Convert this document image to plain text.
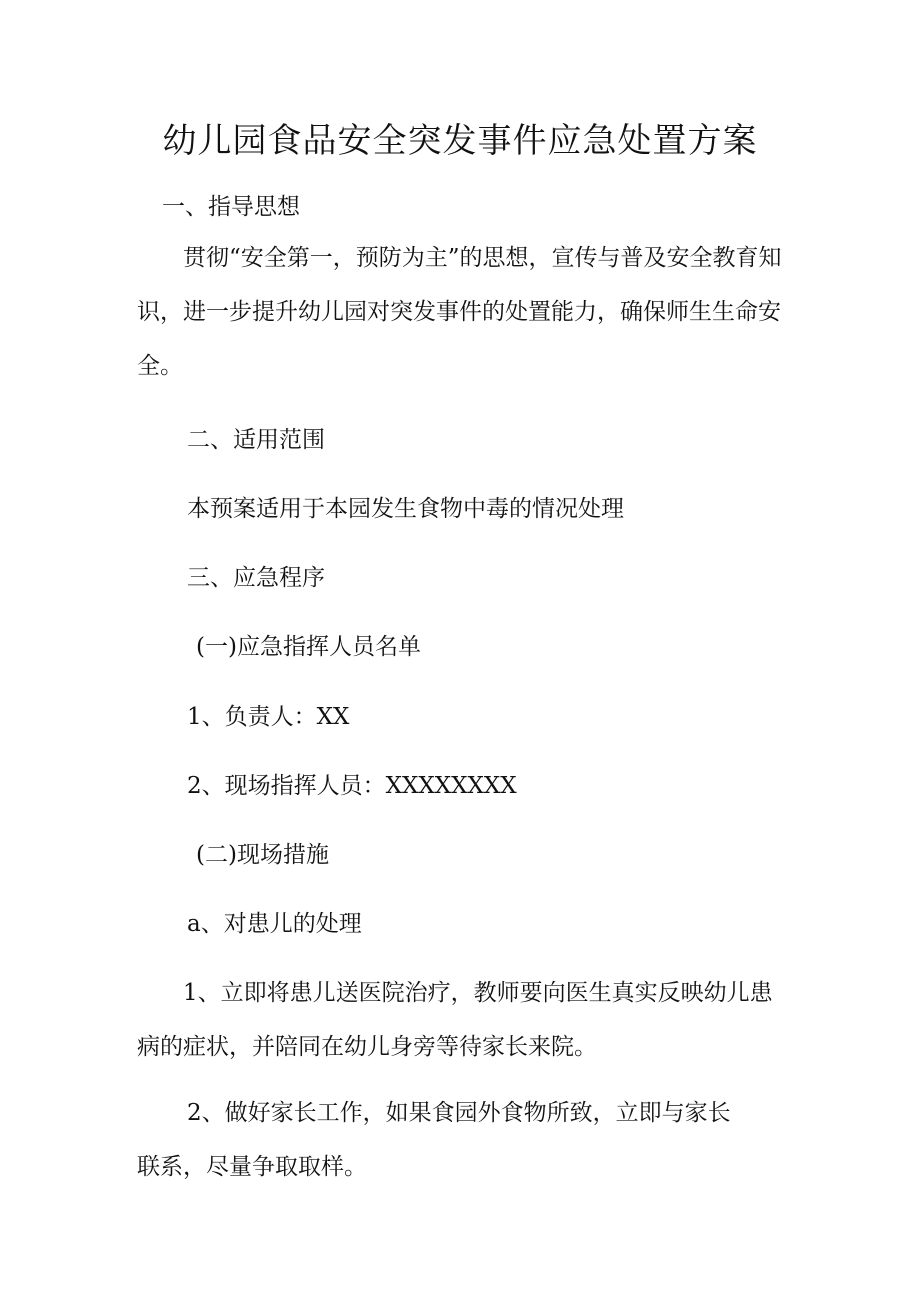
幼儿园食品安全突发事件应急处置方案
一、指导思想
贯彻“安全第一，预防为主”的思想，宣传与普及安全教育知识，进一步提升幼儿园对突发事件的处置能力，确保师生生命安全。
二、适用范围
本预案适用于本园发生食物中毒的情况处理
三、应急程序
(一)应急指挥人员名单
1、负责人：XX
2、现场指挥人员：XXXXXXXX
(二)现场措施
a、对患儿的处理
1、立即将患儿送医院治疗，教师要向医生真实反映幼儿患病的症状，并陪同在幼儿身旁等待家长来院。
2、做好家长工作，如果食园外食物所致，立即与家长
联系，尽量争取取样。
